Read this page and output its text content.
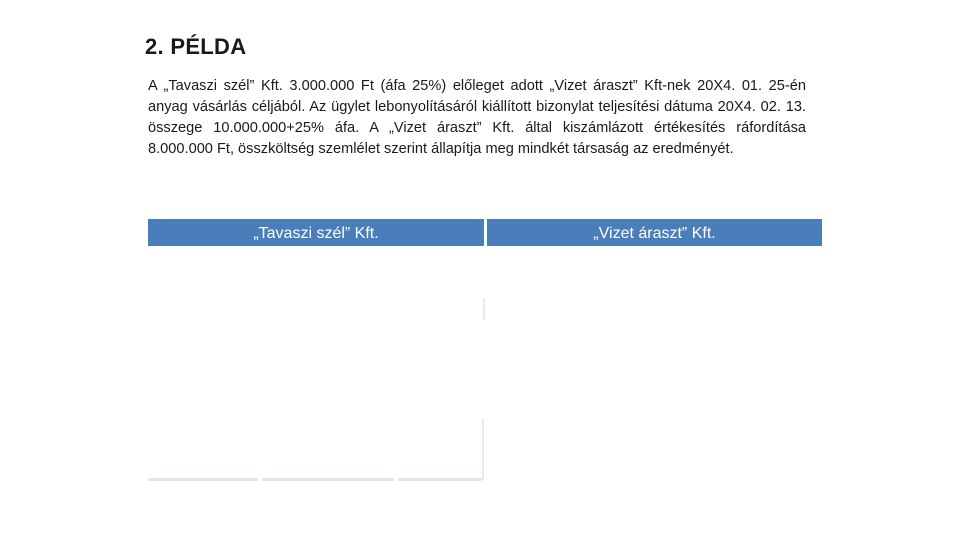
2. PÉLDA
A „Tavaszi szél” Kft. 3.000.000 Ft (áfa 25%) előleget adott „Vizet áraszt” Kft-nek 20X4. 01. 25-én anyag vásárlás céljából. Az ügylet lebonyolításáról kiállított bizonylat teljesítési dátuma 20X4. 02. 13. összege 10.000.000+25% áfa. A „Vizet áraszt” Kft. által kiszámlázott értékesítés ráfordítása 8.000.000 Ft, összköltség szemlélet szerint állapítja meg mindkét társaság az eredményét.
„Tavaszi szél” Kft.	„Vizet áraszt” Kft.
